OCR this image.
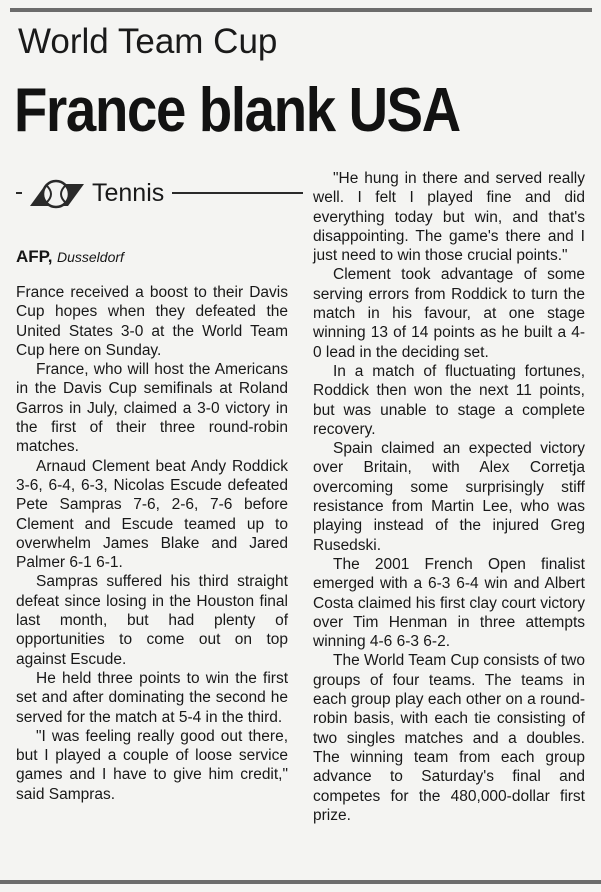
World Team Cup
France blank USA
Tennis
AFP, Dusseldorf

France received a boost to their Davis Cup hopes when they defeated the United States 3-0 at the World Team Cup here on Sunday.

France, who will host the Americans in the Davis Cup semifinals at Roland Garros in July, claimed a 3-0 victory in the first of their three round-robin matches.

Arnaud Clement beat Andy Roddick 3-6, 6-4, 6-3, Nicolas Escude defeated Pete Sampras 7-6, 2-6, 7-6 before Clement and Escude teamed up to overwhelm James Blake and Jared Palmer 6-1 6-1.

Sampras suffered his third straight defeat since losing in the Houston final last month, but had plenty of opportunities to come out on top against Escude.

He held three points to win the first set and after dominating the second he served for the match at 5-4 in the third.

"I was feeling really good out there, but I played a couple of loose service games and I have to give him credit," said Sampras.

"He hung in there and served really well. I felt I played fine and did everything today but win, and that's disappointing. The game's there and I just need to win those crucial points."

Clement took advantage of some serving errors from Roddick to turn the match in his favour, at one stage winning 13 of 14 points as he built a 4-0 lead in the deciding set.

In a match of fluctuating fortunes, Roddick then won the next 11 points, but was unable to stage a complete recovery.

Spain claimed an expected victory over Britain, with Alex Corretja overcoming some surprisingly stiff resistance from Martin Lee, who was playing instead of the injured Greg Rusedski.

The 2001 French Open finalist emerged with a 6-3 6-4 win and Albert Costa claimed his first clay court victory over Tim Henman in three attempts winning 4-6 6-3 6-2.

The World Team Cup consists of two groups of four teams. The teams in each group play each other on a round-robin basis, with each tie consisting of two singles matches and a doubles. The winning team from each group advance to Saturday's final and competes for the 480,000-dollar first prize.
